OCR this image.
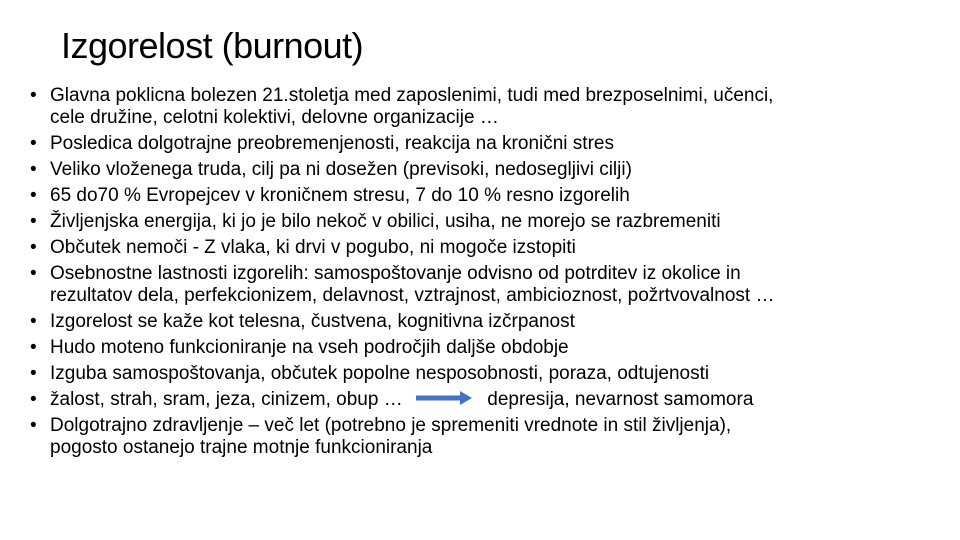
Izgorelost (burnout)
• Glavna poklicna bolezen 21.stoletja med zaposlenimi, tudi med brezposelnimi, učenci,
cele družine, celotni kolektivi, delovne organizacije …
• Posledica dolgotrajne preobremenjenosti, reakcija na kronični stres
• Veliko vloženega truda, cilj pa ni dosežen (previsoki, nedosegljivi cilji)
• 65 do70 % Evropejcev v kroničnem stresu, 7 do 10 % resno izgorelih
• Življenjska energija, ki jo je bilo nekoč v obilici, usiha, ne morejo se razbremeniti
• Občutek nemoči - Z vlaka, ki drvi v pogubo, ni mogoče izstopiti
• Osebnostne lastnosti izgorelih: samospoštovanje odvisno od potrditev iz okolice in
rezultatov dela, perfekcionizem, delavnost, vztrajnost, ambicioznost, požrtvovalnost …
• Izgorelost se kaže kot telesna, čustvena, kognitivna izčrpanost
• Hudo moteno funkcioniranje na vseh področjih daljše obdobje
• Izguba samospoštovanja, občutek popolne nesposobnosti, poraza, odtujenosti
• žalost, strah, sram, jeza, cinizem, obup …	depresija, nevarnost samomora
• Dolgotrajno zdravljenje – več let (potrebno je spremeniti vrednote in stil življenja),
pogosto ostanejo trajne motnje funkcioniranja
